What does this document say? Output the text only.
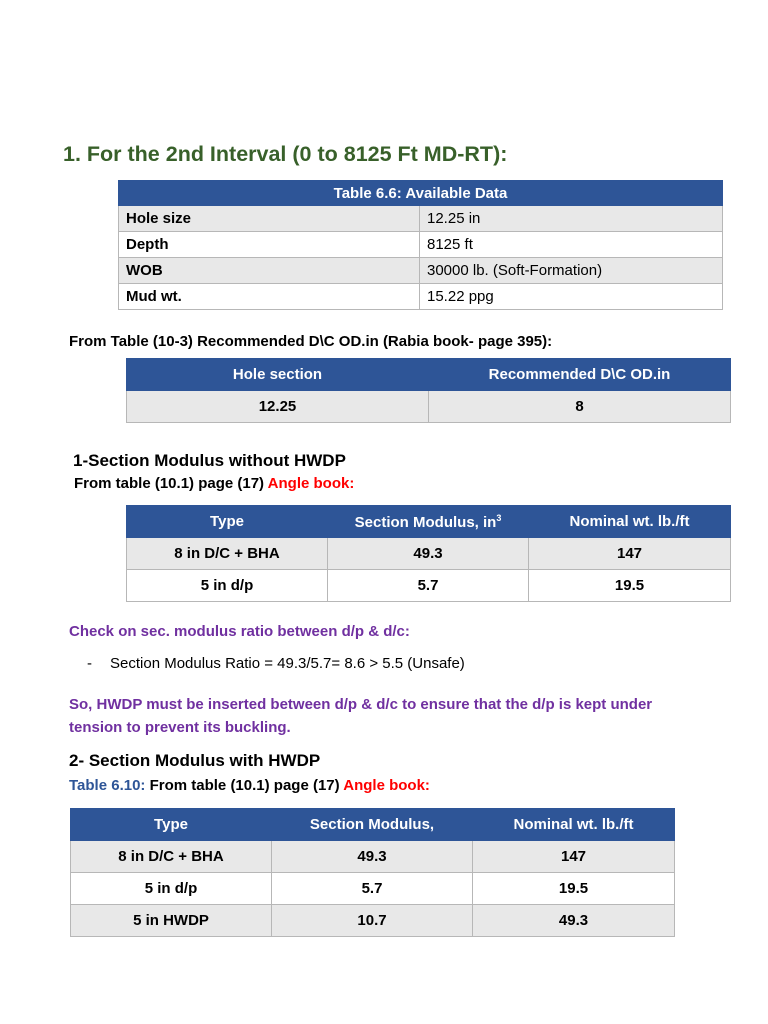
1. For the 2nd Interval (0 to 8125 Ft MD-RT):
Table 6.6: Available Data	
Hole size	12.25 in
Depth	8125 ft
WOB	30000 lb. (Soft-Formation)
Mud wt.	15.22 ppg
From Table (10-3) Recommended D\C OD.in (Rabia book- page 395):
Hole section	Recommended D\C OD.in
12.25	8
1-Section Modulus without HWDP
From table (10.1) page (17) Angle book:
Type	Section Modulus, $in^3$	Nominal wt. lb./ft
8 in D/C + BHA	49.3	147
5 in d/p	5.7	19.5
Check on sec. modulus ratio between d/p & d/c:
- Section Modulus Ratio = 49.3/5.7= 8.6 > 5.5 (Unsafe)
So, HWDP must be inserted between d/p & d/c to ensure that the d/p is kept under
tension to prevent its buckling.
2- Section Modulus with HWDP
Table 6.10: From table (10.1) page (17) Angle book:
Type	Section Modulus,	Nominal wt. lb./ft
8 in D/C + BHA	49.3	147
5 in d/p	5.7	19.5
5 in HWDP	10.7	49.3
